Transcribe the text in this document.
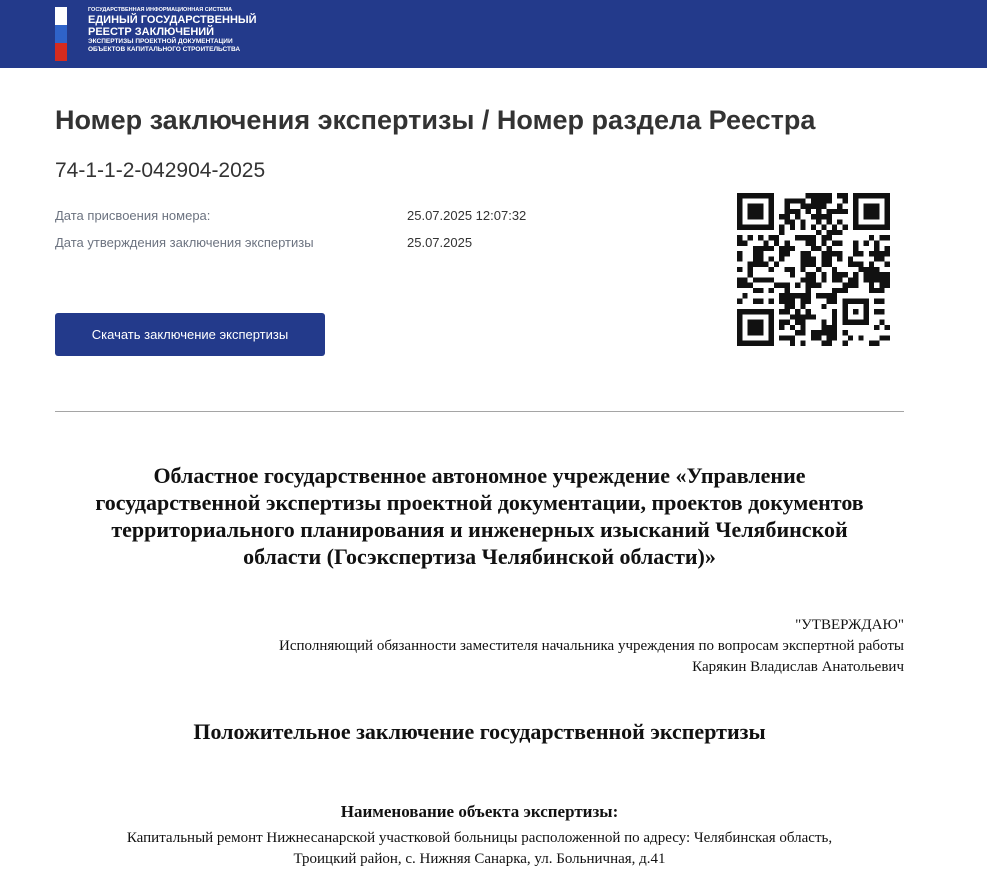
ГОСУДАРСТВЕННАЯ ИНФОРМАЦИОННАЯ СИСТЕМА
ЕДИНЫЙ ГОСУДАРСТВЕННЫЙ
РЕЕСТР ЗАКЛЮЧЕНИЙ
ЭКСПЕРТИЗЫ ПРОЕКТНОЙ ДОКУМЕНТАЦИИ
ОБЪЕКТОВ КАПИТАЛЬНОГО СТРОИТЕЛЬСТВА
Номер заключения экспертизы / Номер раздела Реестра
74-1-1-2-042904-2025
Дата присвоения номера:	25.07.2025 12:07:32
Дата утверждения заключения экспертизы	25.07.2025
Скачать заключение экспертизы
Областное государственное автономное учреждение «Управление
государственной экспертизы проектной документации, проектов документов
территориального планирования и инженерных изысканий Челябинской
области (Госэкспертиза Челябинской области)»
"УТВЕРЖДАЮ"
Исполняющий обязанности заместителя начальника учреждения по вопросам экспертной работы
Карякин Владислав Анатольевич
Положительное заключение государственной экспертизы
Наименование объекта экспертизы:
Капитальный ремонт Нижнесанарской участковой больницы расположенной по адресу: Челябинская область,
Троицкий район, с. Нижняя Санарка, ул. Больничная, д.41
